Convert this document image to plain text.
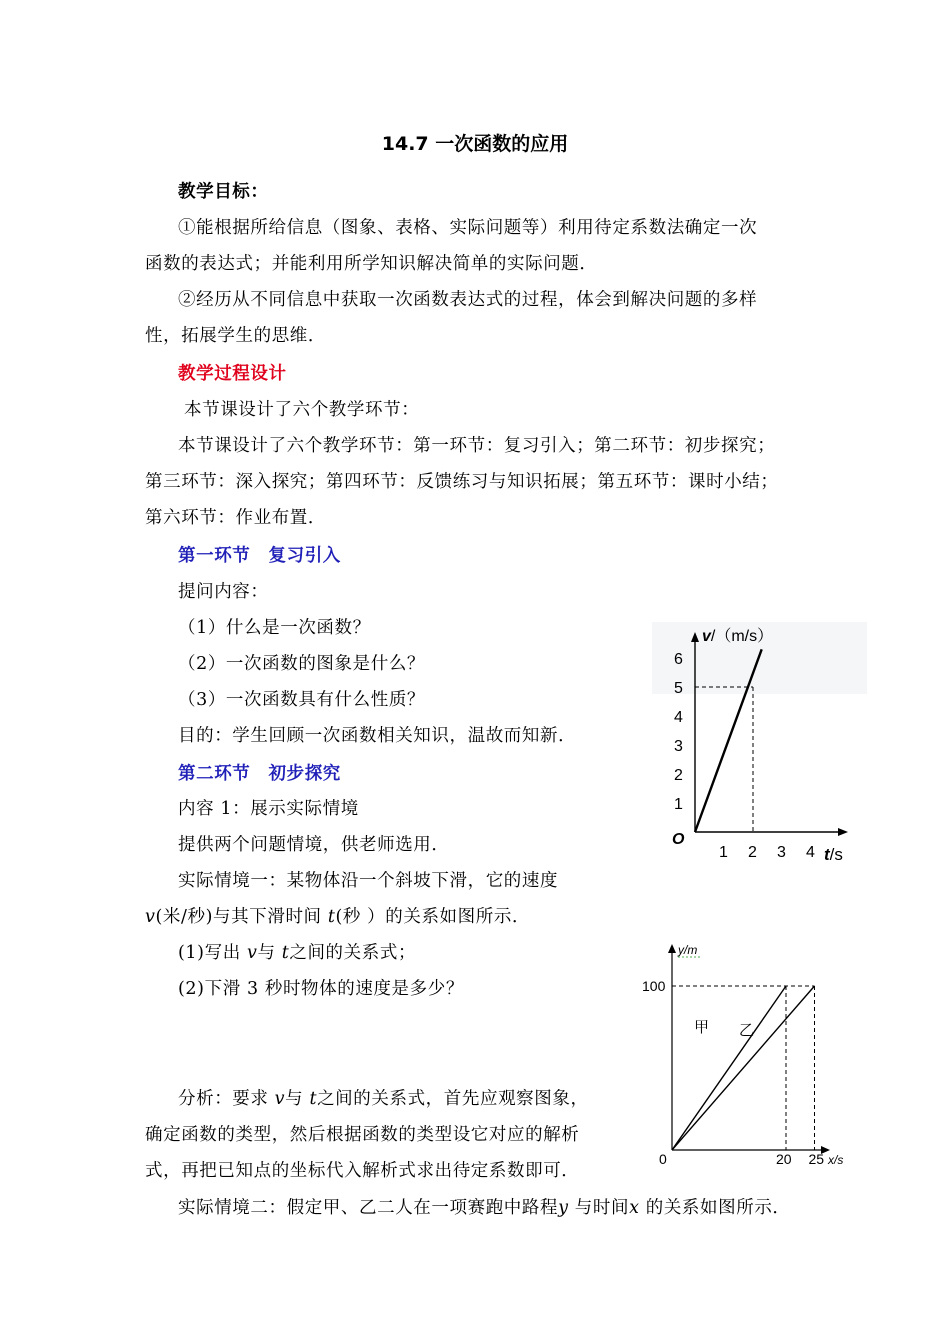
14.7 一次函数的应用
教学目标：
①能根据所给信息（图象、表格、实际问题等）利用待定系数法确定一次
函数的表达式；并能利用所学知识解决简单的实际问题．
②经历从不同信息中获取一次函数表达式的过程，体会到解决问题的多样
性，拓展学生的思维．
教学过程设计
本节课设计了六个教学环节：
本节课设计了六个教学环节：第一环节：复习引入；第二环节：初步探究；
第三环节：深入探究；第四环节：反馈练习与知识拓展；第五环节：课时小结；
第六环节：作业布置．
第一环节　复习引入
提问内容：
（1）什么是一次函数？
（2）一次函数的图象是什么？
（3）一次函数具有什么性质？
目的：学生回顾一次函数相关知识，温故而知新．
第二环节　初步探究
内容 1：展示实际情境
提供两个问题情境，供老师选用．
实际情境一：某物体沿一个斜坡下滑，它的速度
v(米/秒)与其下滑时间 t(秒 ）的关系如图所示．
(1)写出 v与 t之间的关系式；
(2)下滑 3 秒时物体的速度是多少？
分析：要求 v与 t之间的关系式，首先应观察图象，
确定函数的类型，然后根据函数的类型设它对应的解析
式，再把已知点的坐标代入解析式求出待定系数即可．
实际情境二：假定甲、乙二人在一项赛跑中路程y 与时间x 的关系如图所示．
v/（m/s）
t/s
O
1
2
3
4
5
6
1 2 3 4
y/m
x/s
0
100
20 25
甲 乙
